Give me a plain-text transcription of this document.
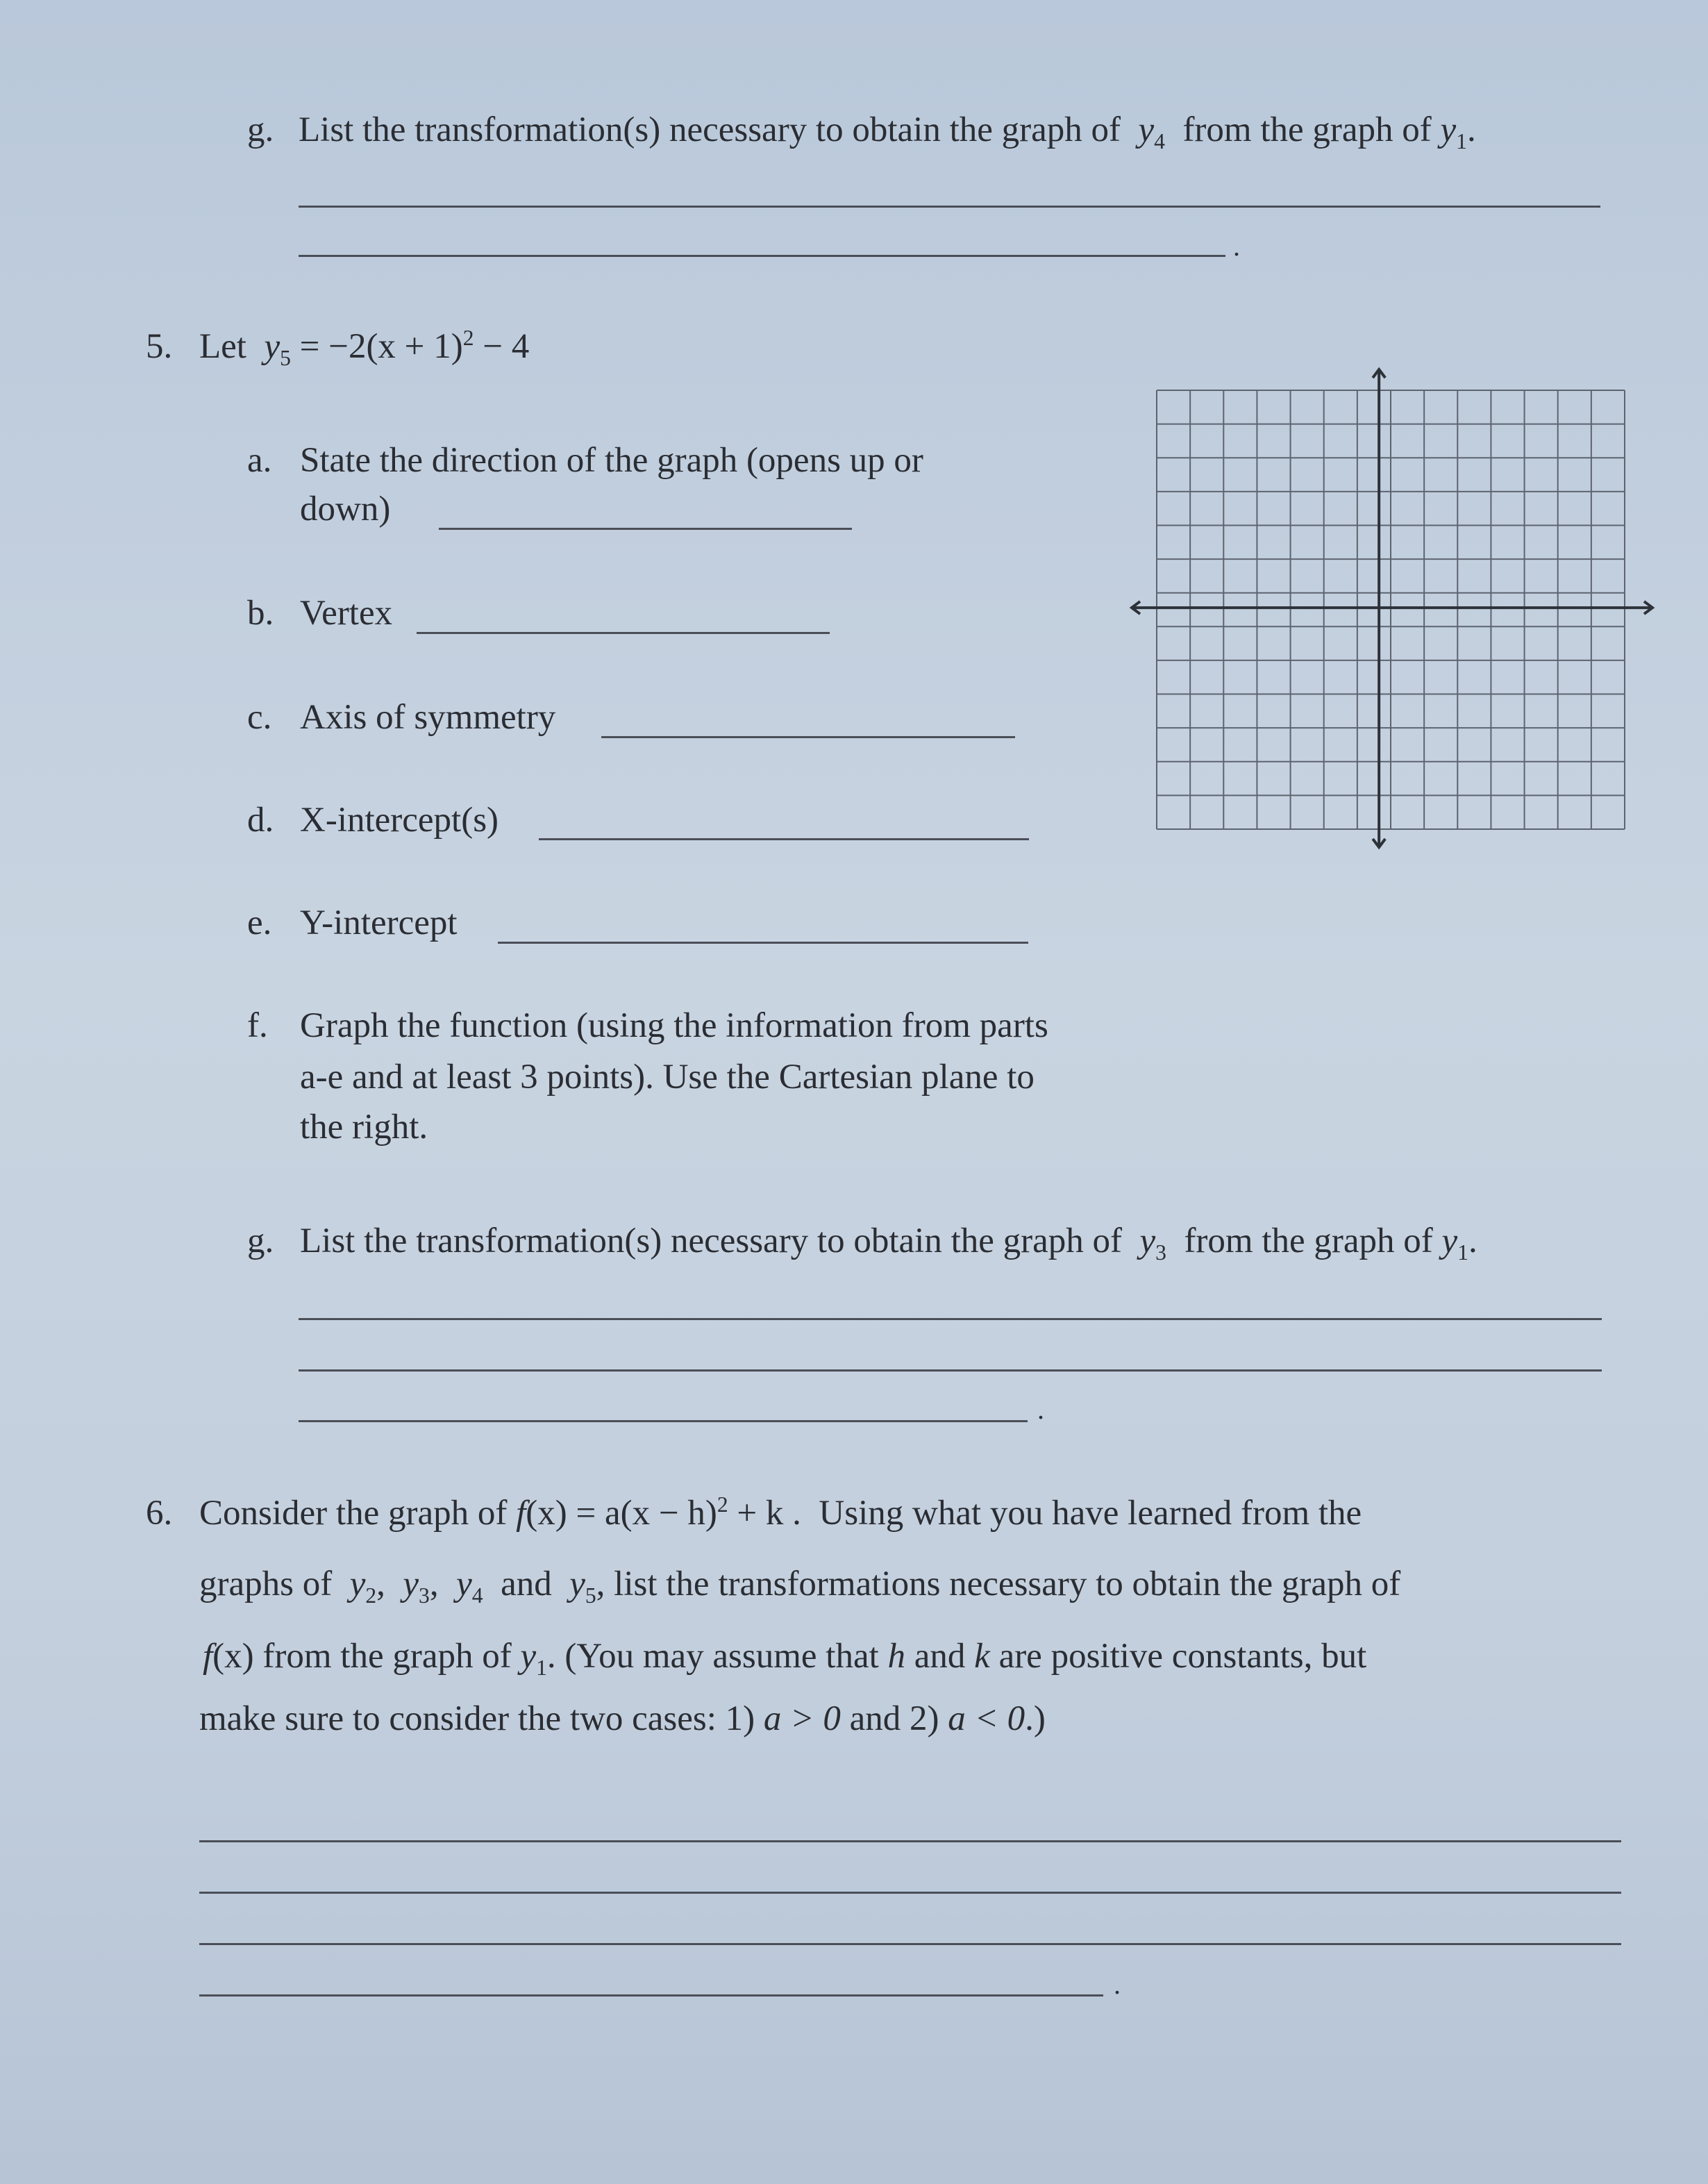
g. List the transformation(s) necessary to obtain the graph of $y_4$ from the graph of $y_1$.
.
5. Let $y_5 = -2(x + 1)^2 - 4$
a. State the direction of the graph (opens up or
down)
b. Vertex
c. Axis of symmetry
d. X-intercept(s)
e. Y-intercept
f. Graph the function (using the information from parts
a-e and at least 3 points). Use the Cartesian plane to
the right.
g. List the transformation(s) necessary to obtain the graph of $y_3$ from the graph of $y_1$.
.
6. Consider the graph of $f(x) = a(x - h)^2 + k$ . Using what you have learned from the
graphs of $y_2$,  $y_3$,  $y_4$ and $y_5$, list the transformations necessary to obtain the graph of
f(x) from the graph of $y_1$. (You may assume that h and k are positive constants, but
make sure to consider the two cases: 1) a > 0 and 2) a < 0.)
.
